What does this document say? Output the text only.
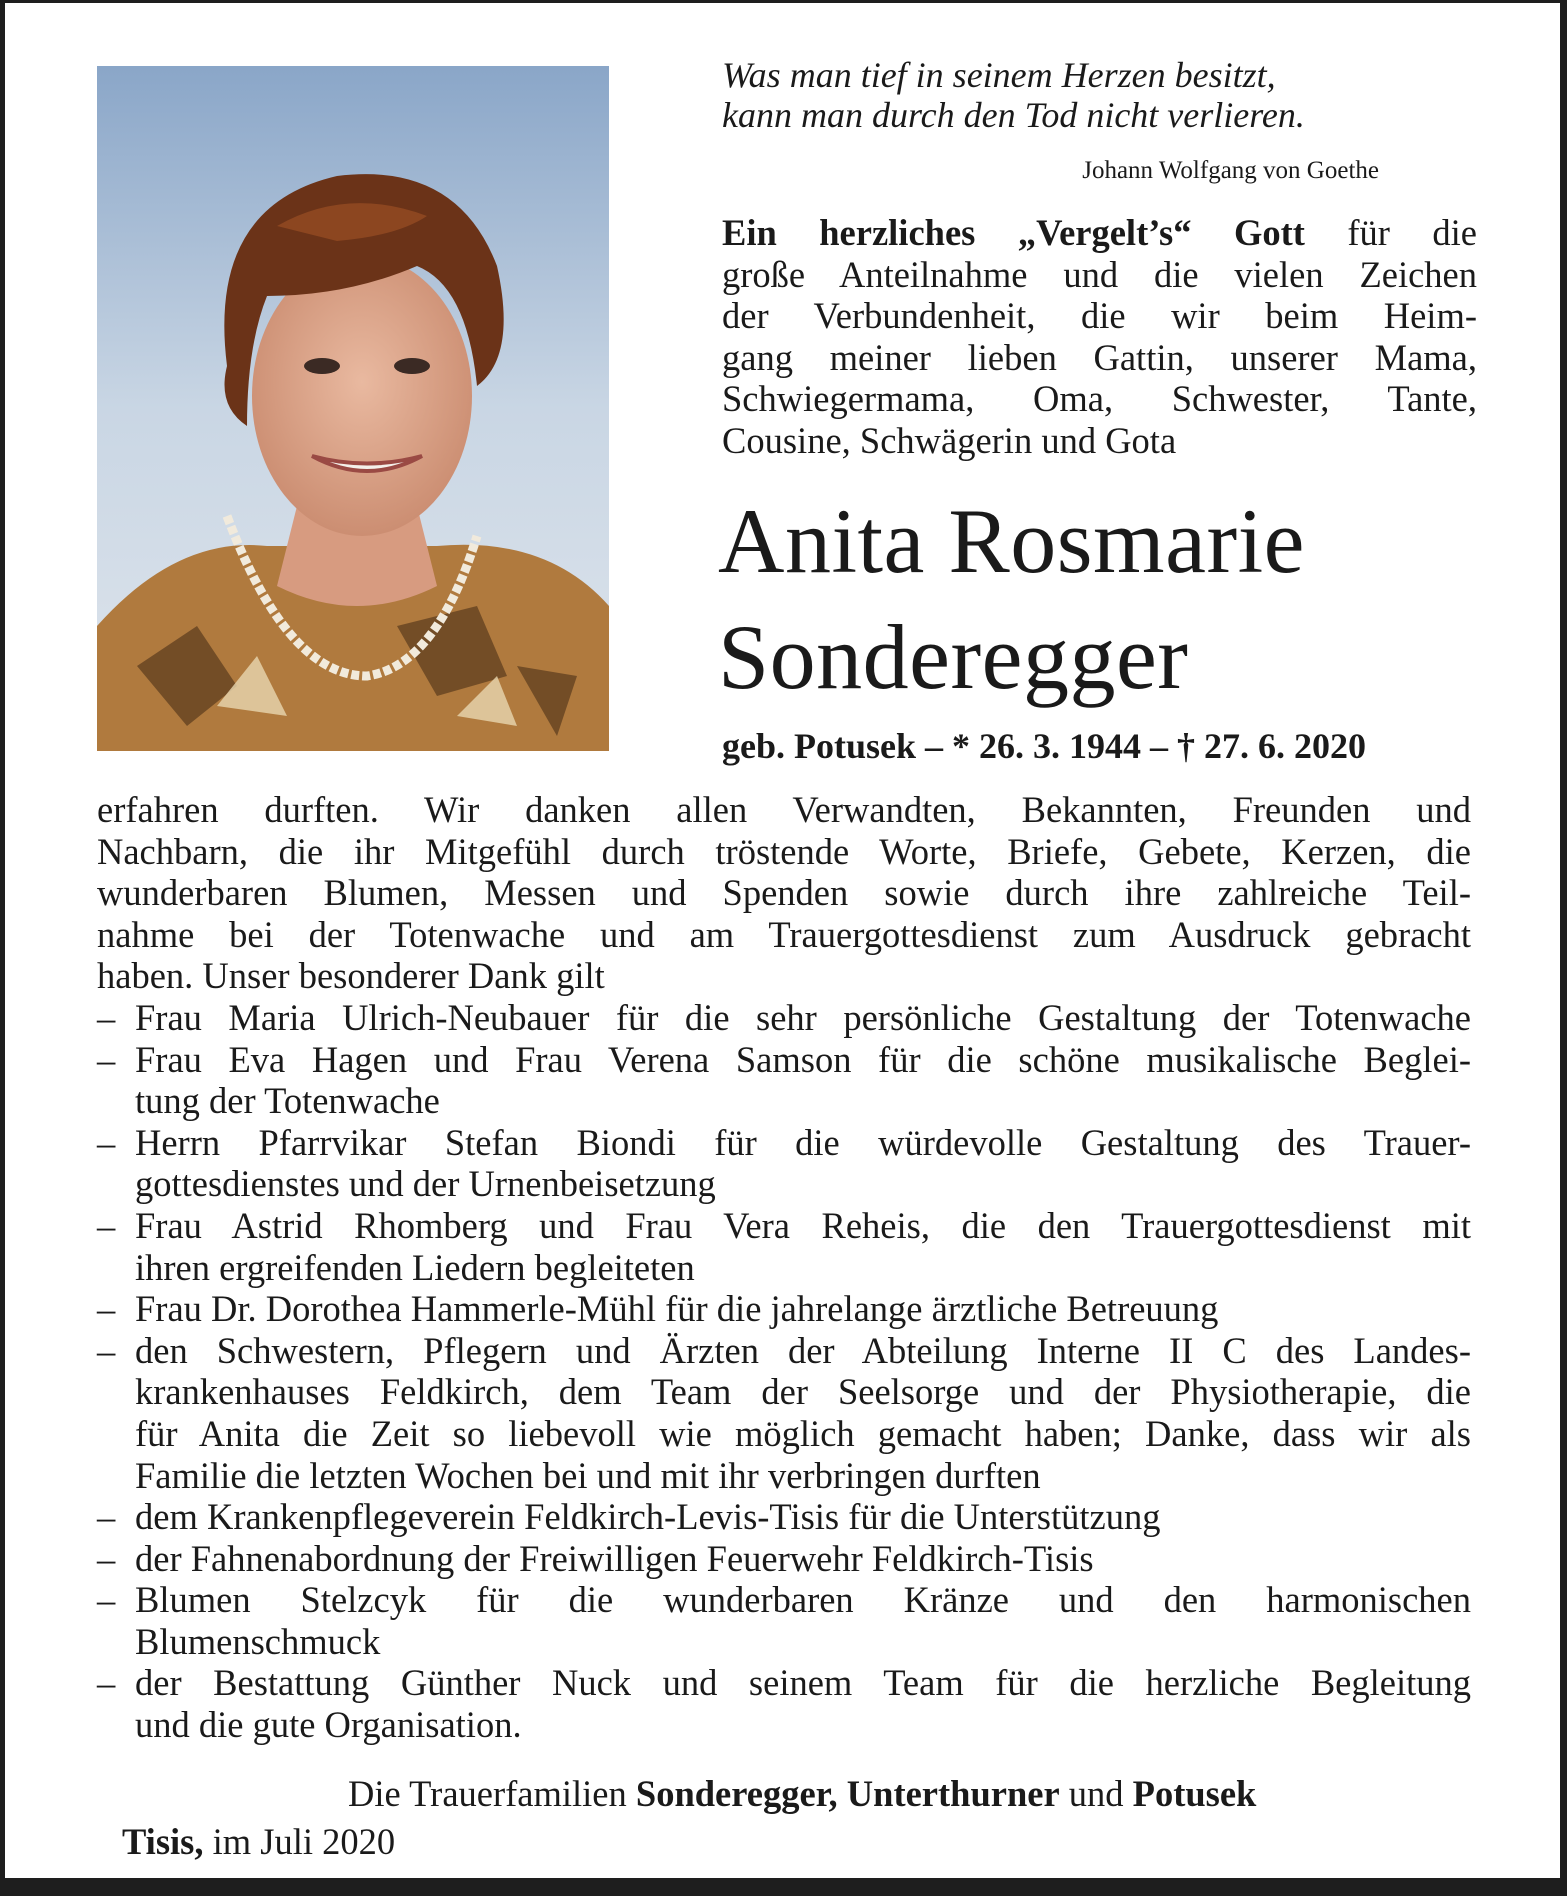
Was man tief in seinem Herzen besitzt,
kann man durch den Tod nicht verlieren.
Johann Wolfgang von Goethe
Ein herzliches „Vergelt’s“ Gott für die
große Anteilnahme und die vielen Zeichen
der Verbundenheit, die wir beim Heim-
gang meiner lieben Gattin, unserer Mama,
Schwiegermama, Oma, Schwester, Tante,
Cousine, Schwägerin und Gota
Anita Rosmarie
Sonderegger
geb. Potusek – * 26. 3. 1944 – † 27. 6. 2020
erfahren durften. Wir danken allen Verwandten, Bekannten, Freunden und
Nachbarn, die ihr Mitgefühl durch tröstende Worte, Briefe, Gebete, Kerzen, die
wunderbaren Blumen, Messen und Spenden sowie durch ihre zahlreiche Teil-
nahme bei der Totenwache und am Trauergottesdienst zum Ausdruck gebracht
haben. Unser besonderer Dank gilt
– Frau Maria Ulrich-Neubauer für die sehr persönliche Gestaltung der Totenwache
– Frau Eva Hagen und Frau Verena Samson für die schöne musikalische Beglei-
tung der Totenwache
– Herrn Pfarrvikar Stefan Biondi für die würdevolle Gestaltung des Trauer-
gottesdienstes und der Urnenbeisetzung
– Frau Astrid Rhomberg und Frau Vera Reheis, die den Trauergottesdienst mit
ihren ergreifenden Liedern begleiteten
– Frau Dr. Dorothea Hammerle-Mühl für die jahrelange ärztliche Betreuung
– den Schwestern, Pflegern und Ärzten der Abteilung Interne II C des Landes-
krankenhauses Feldkirch, dem Team der Seelsorge und der Physiotherapie, die
für Anita die Zeit so liebevoll wie möglich gemacht haben; Danke, dass wir als
Familie die letzten Wochen bei und mit ihr verbringen durften
– dem Krankenpflegeverein Feldkirch-Levis-Tisis für die Unterstützung
– der Fahnenabordnung der Freiwilligen Feuerwehr Feldkirch-Tisis
– Blumen Stelzcyk für die wunderbaren Kränze und den harmonischen
Blumenschmuck
– der Bestattung Günther Nuck und seinem Team für die herzliche Begleitung
und die gute Organisation.
Die Trauerfamilien Sonderegger, Unterthurner und Potusek
Tisis, im Juli 2020
